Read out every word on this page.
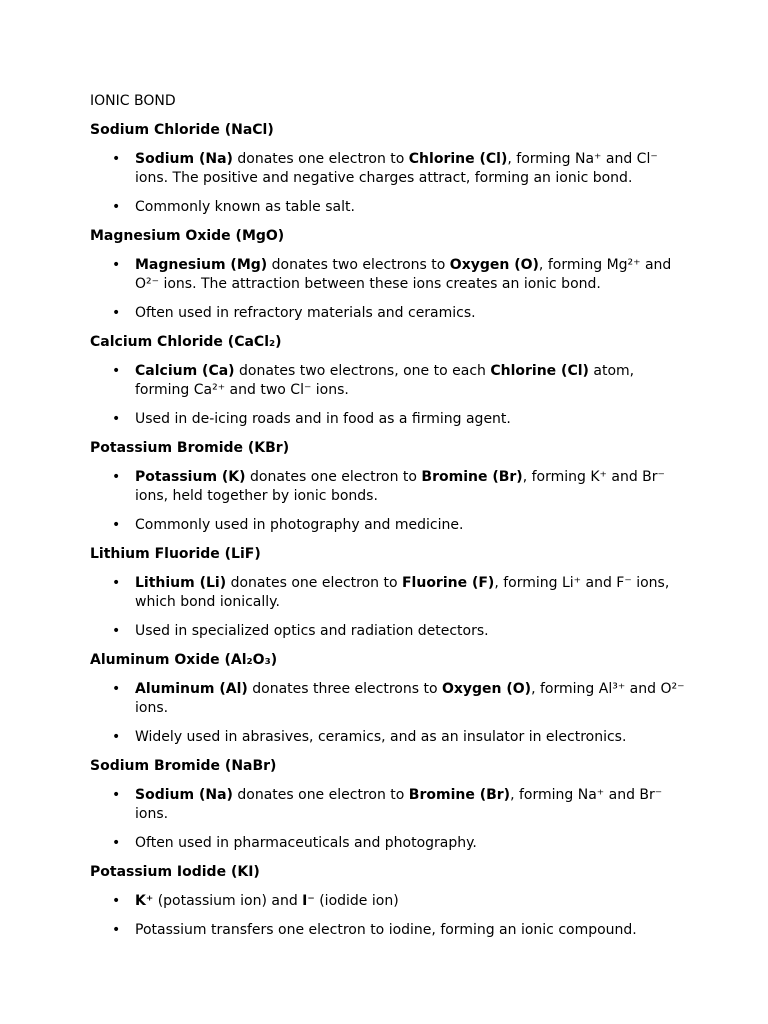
IONIC BOND

Sodium Chloride (NaCl)

• Sodium (Na) donates one electron to Chlorine (Cl), forming Na⁺ and Cl⁻ ions. The positive and negative charges attract, forming an ionic bond.
• Commonly known as table salt.

Magnesium Oxide (MgO)

• Magnesium (Mg) donates two electrons to Oxygen (O), forming Mg²⁺ and O²⁻ ions. The attraction between these ions creates an ionic bond.
• Often used in refractory materials and ceramics.

Calcium Chloride (CaCl₂)

• Calcium (Ca) donates two electrons, one to each Chlorine (Cl) atom, forming Ca²⁺ and two Cl⁻ ions.
• Used in de-icing roads and in food as a firming agent.

Potassium Bromide (KBr)

• Potassium (K) donates one electron to Bromine (Br), forming K⁺ and Br⁻ ions, held together by ionic bonds.
• Commonly used in photography and medicine.

Lithium Fluoride (LiF)

• Lithium (Li) donates one electron to Fluorine (F), forming Li⁺ and F⁻ ions, which bond ionically.
• Used in specialized optics and radiation detectors.

Aluminum Oxide (Al₂O₃)

• Aluminum (Al) donates three electrons to Oxygen (O), forming Al³⁺ and O²⁻ ions.
• Widely used in abrasives, ceramics, and as an insulator in electronics.

Sodium Bromide (NaBr)

• Sodium (Na) donates one electron to Bromine (Br), forming Na⁺ and Br⁻ ions.
• Often used in pharmaceuticals and photography.

Potassium Iodide (KI)

• K⁺ (potassium ion) and I⁻ (iodide ion)
• Potassium transfers one electron to iodine, forming an ionic compound.
